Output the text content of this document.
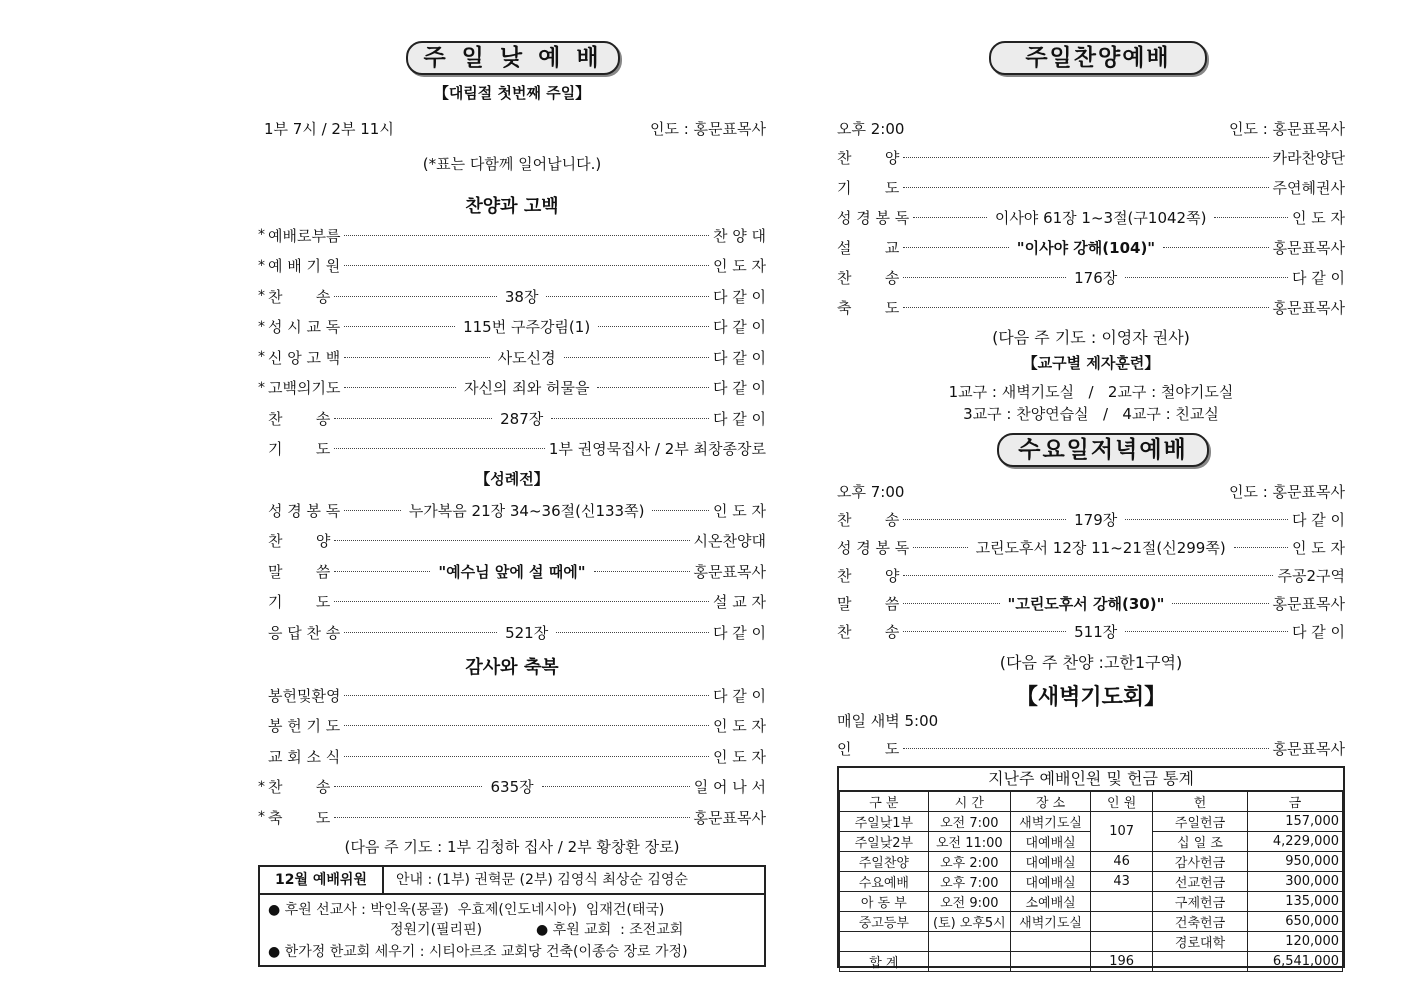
주 일 낮 예 배
【대림절 첫번째 주일】
1부 7시 / 2부 11시	인도 : 홍문표목사
(*표는 다함께 일어납니다.)
찬양과 고백
* 예배로부름	찬 양 대
* 예 배 기 원	인 도 자
* 찬       송	38장	다 같 이
* 성 시 교 독	115번 구주강림(1)	다 같 이
* 신 앙 고 백	사도신경	다 같 이
* 고백의기도	자신의 죄와 허물을	다 같 이
찬       송	287장	다 같 이
기       도	1부 권영묵집사 / 2부 최창종장로
【성례전】
성 경 봉 독	누가복음 21장 34~36절(신133쪽)	인 도 자
찬       양	시온찬양대
말       씀	"예수님 앞에 설 때에"	홍문표목사
기       도	설 교 자
응 답 찬 송	521장	다 같 이
감사와 축복
봉헌및환영	다 같 이
봉 헌 기 도	인 도 자
교 회 소 식	인 도 자
* 찬       송	635장	일 어 나 서
* 축       도	홍문표목사
(다음 주 기도 : 1부 김청하 집사 / 2부 황창환 장로)
12월 예배위원	안내 : (1부) 권혁문 (2부) 김영식 최상순 김영순
● 후원 선교사 : 박인욱(몽골)  우효제(인도네시아)  임재건(태국)
정원기(필리핀)	● 후원 교회  : 조전교회
● 한가정 한교회 세우기 : 시티아르조 교회당 건축(이종승 장로 가정)
주일찬양예배
오후 2:00	인도 : 홍문표목사
찬       양	카라찬양단
기       도	주연혜권사
성 경 봉 독	이사야 61장 1~3절(구1042쪽)	인 도 자
설       교	"이사야 강해(104)"	홍문표목사
찬       송	176장	다 같 이
축       도	홍문표목사
(다음 주 기도 : 이영자 권사)
【교구별 제자훈련】
1교구 : 새벽기도실   /   2교구 : 철야기도실
3교구 : 찬양연습실   /   4교구 : 친교실
수요일저녁예배
오후 7:00	인도 : 홍문표목사
찬       송	179장	다 같 이
성 경 봉 독	고린도후서 12장 11~21절(신299쪽)	인 도 자
찬       양	주공2구역
말       씀	"고린도후서 강해(30)"	홍문표목사
찬       송	511장	다 같 이
(다음 주 찬양 :고한1구역)
【새벽기도회】
매일 새벽 5:00
인       도	홍문표목사
지난주 예배인원 및 헌금 통계
구 분	시 간	장 소	인 원	헌	금
주일낮1부	오전 7:00	새벽기도실	107	주일헌금	157,000
주일낮2부	오전 11:00	대예배실		십 일 조	4,229,000
주일찬양	오후 2:00	대예배실	46	감사헌금	950,000
수요예배	오후 7:00	대예배실	43	선교헌금	300,000
아 동 부	오전 9:00	소예배실		구제헌금	135,000
중고등부	(토) 오후5시	새벽기도실		건축헌금	650,000
				경로대학	120,000
합 계			196		6,541,000
